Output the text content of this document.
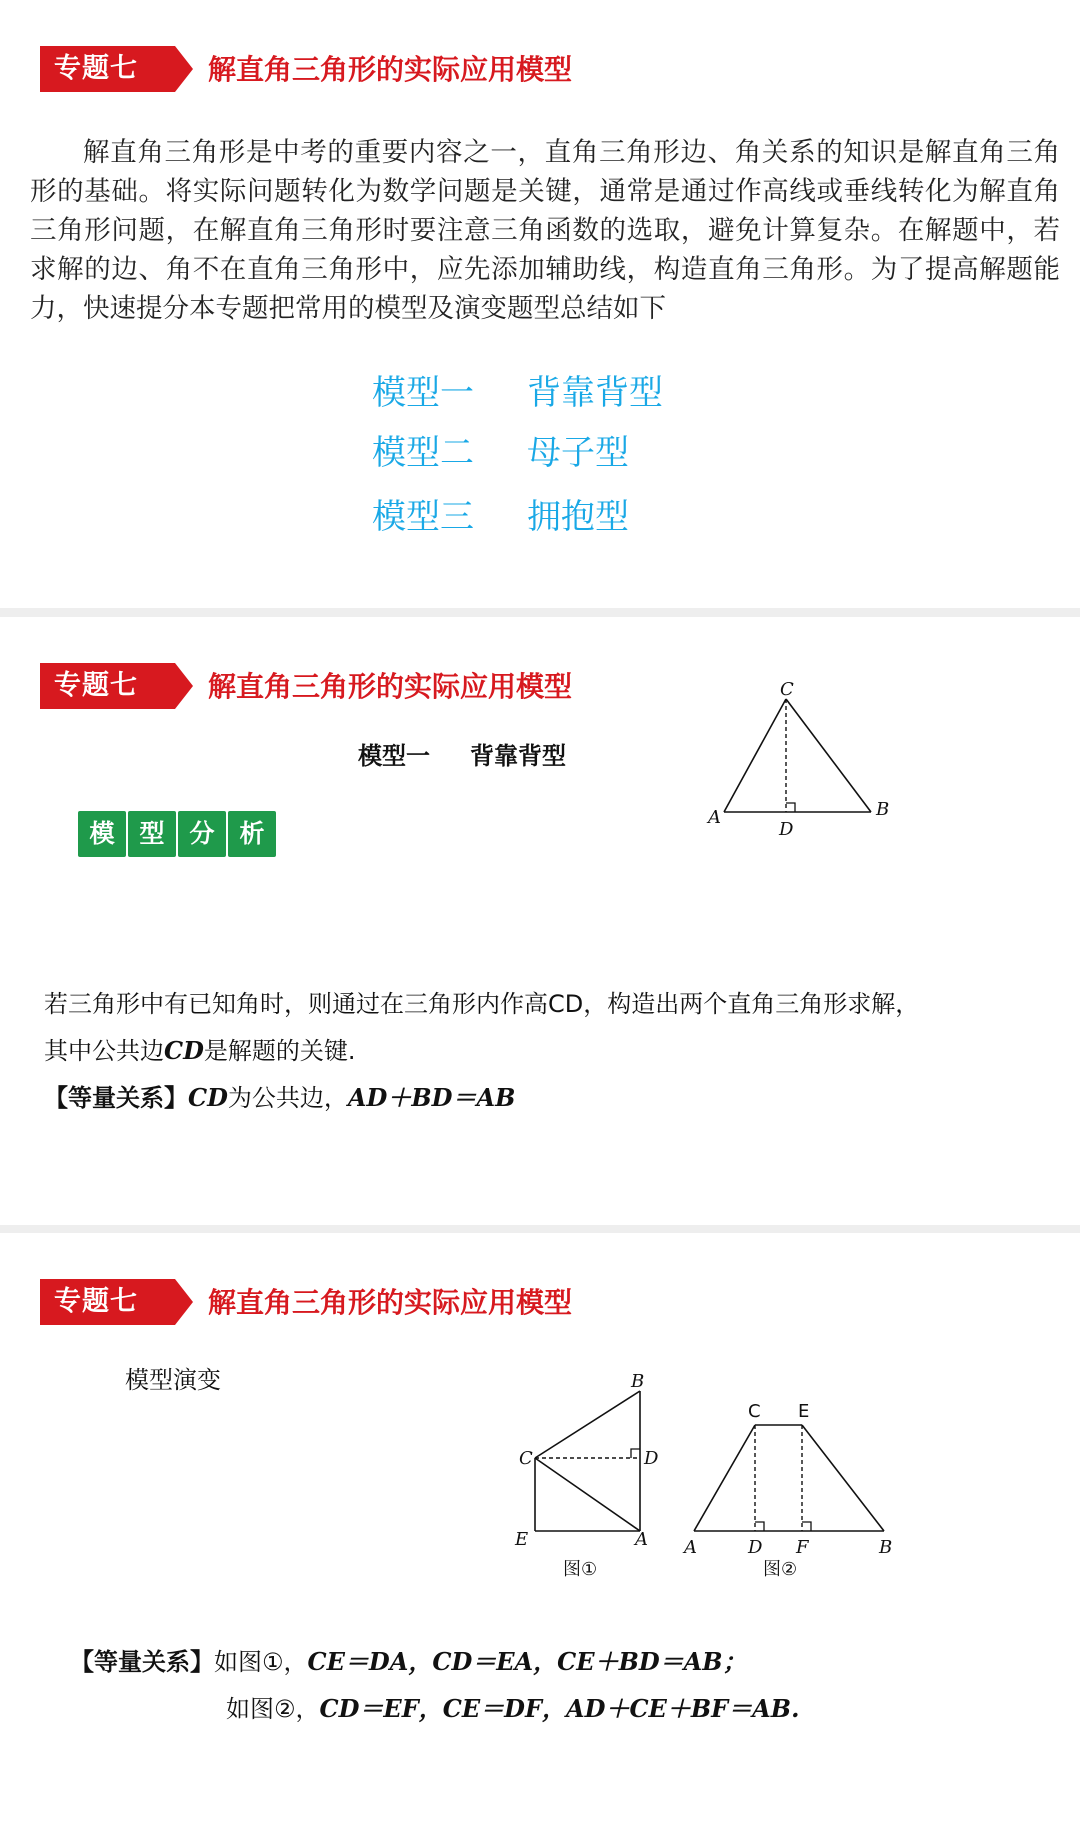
专题七	解直角三角形的实际应用模型

解直角三角形是中考的重要内容之一，直角三角形边、角关系的知识是解直角三角形的基础。将实际问题转化为数学问题是关键，通常是通过作高线或垂线转化为解直角三角形问题，在解直角三角形时要注意三角函数的选取，避免计算复杂。在解题中，若求解的边、角不在直角三角形中，应先添加辅助线，构造直角三角形。为了提高解题能力，快速提分本专题把常用的模型及演变题型总结如下

模型一 背靠背型
模型二 母子型
模型三 拥抱型
专题七	解直角三角形的实际应用模型
模型一 背靠背型
模 型 分 析
C
A	B
D
若三角形中有已知角时，则通过在三角形内作高CD，构造出两个直角三角形求解，
其中公共边CD是解题的关键.
【等量关系】CD为公共边，AD＋BD＝AB
专题七	解直角三角形的实际应用模型
模型演变	B
C	D
E	A
图①
C E
A	D F	B
图②
【等量关系】如图①，CE＝DA，CD＝EA，CE＋BD＝AB；
如图②，CD＝EF，CE＝DF，AD＋CE＋BF＝AB.
